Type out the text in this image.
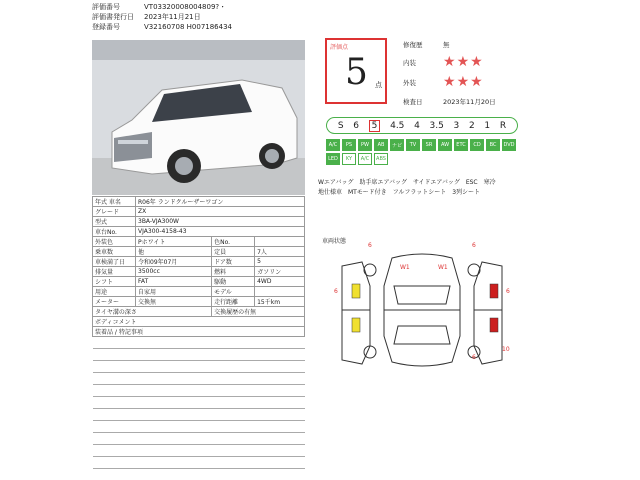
評価番号	VT03320008004809?・
評価書発行日	2023年11月21日
登録番号	V32160708 H007186434
年式 車名	R06年 ランドクルーザーワゴン		
グレード	ZX		
型式	3BA-VJA300W		
車台No.	VJA300-4158-43		
外装色	Pホワイト	色No.	
乗車数	他	定員	7人
車検満了日	令和09年07月	ドア数	5
排気量	3500cc	燃料	ガソリン
シフト	FAT	駆動	4WD
用途	自家用	モデル	
メーター	交換無	走行距離	15千km
タイヤ溝の深さ		交換履歴の有無	
ボディコメント			
装着品 / 特記事項			

評価点
5 点
修復歴	無
内装	★ ★ ★
外装	★ ★ ★
検査日	2023年11月20日
S 6	5	4.5 4 3.5 3 2 1 R
A/C	PS	PW	AB	ナビ	TV	SR	AW	ETC	CD	BC	DVD
LED	KY	A/C	ABS
Wエアバッグ　助手席エアバッグ　サイドエアバッグ　ESC　寒冷
地仕様車　MTモード付き　フルフラットシート　3列シート
車両状態
6	6
W1	W1
6	6
6
10
